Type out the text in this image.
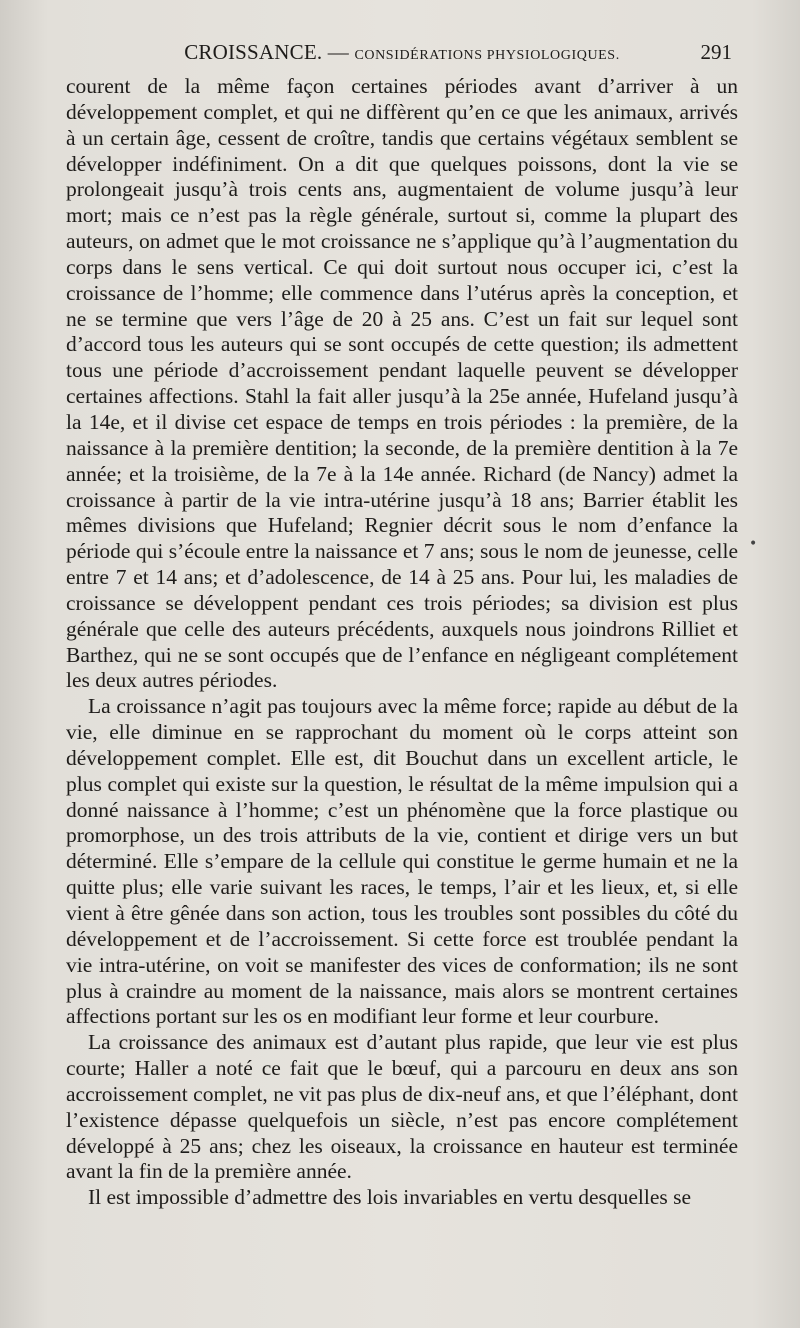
CROISSANCE. — CONSIDÉRATIONS PHYSIOLOGIQUES.	291

courent de la même façon certaines périodes avant d’arriver à un développement complet, et qui ne diffèrent qu’en ce que les animaux, arrivés à un certain âge, cessent de croître, tandis que certains végétaux semblent se développer indéfiniment. On a dit que quelques poissons, dont la vie se prolongeait jusqu’à trois cents ans, augmentaient de volume jusqu’à leur mort; mais ce n’est pas la règle générale, surtout si, comme la plupart des auteurs, on admet que le mot croissance ne s’applique qu’à l’augmentation du corps dans le sens vertical. Ce qui doit surtout nous occuper ici, c’est la croissance de l’homme; elle commence dans l’utérus après la conception, et ne se termine que vers l’âge de 20 à 25 ans. C’est un fait sur lequel sont d’accord tous les auteurs qui se sont occupés de cette question; ils admettent tous une période d’accroissement pendant laquelle peuvent se développer certaines affections. Stahl la fait aller jusqu’à la 25e année, Hufeland jusqu’à la 14e, et il divise cet espace de temps en trois périodes : la première, de la naissance à la première dentition; la seconde, de la première dentition à la 7e année; et la troisième, de la 7e à la 14e année. Richard (de Nancy) admet la croissance à partir de la vie intra-utérine jusqu’à 18 ans; Barrier établit les mêmes divisions que Hufeland; Regnier décrit sous le nom d’enfance la période qui s’écoule entre la naissance et 7 ans; sous le nom de jeunesse, celle entre 7 et 14 ans; et d’adolescence, de 14 à 25 ans. Pour lui, les maladies de croissance se développent pendant ces trois périodes; sa division est plus générale que celle des auteurs précédents, auxquels nous joindrons Rilliet et Barthez, qui ne se sont occupés que de l’enfance en négligeant complétement les deux autres périodes.

La croissance n’agit pas toujours avec la même force; rapide au début de la vie, elle diminue en se rapprochant du moment où le corps atteint son développement complet. Elle est, dit Bouchut dans un excellent article, le plus complet qui existe sur la question, le résultat de la même impulsion qui a donné naissance à l’homme; c’est un phénomène que la force plastique ou promorphose, un des trois attributs de la vie, contient et dirige vers un but déterminé. Elle s’empare de la cellule qui constitue le germe humain et ne la quitte plus; elle varie suivant les races, le temps, l’air et les lieux, et, si elle vient à être gênée dans son action, tous les troubles sont possibles du côté du développement et de l’accroissement. Si cette force est troublée pendant la vie intra-utérine, on voit se manifester des vices de conformation; ils ne sont plus à craindre au moment de la naissance, mais alors se montrent certaines affections portant sur les os en modifiant leur forme et leur courbure.

La croissance des animaux est d’autant plus rapide, que leur vie est plus courte; Haller a noté ce fait que le bœuf, qui a parcouru en deux ans son accroissement complet, ne vit pas plus de dix-neuf ans, et que l’éléphant, dont l’existence dépasse quelquefois un siècle, n’est pas encore complétement développé à 25 ans; chez les oiseaux, la croissance en hauteur est terminée avant la fin de la première année.

Il est impossible d’admettre des lois invariables en vertu desquelles se

•
